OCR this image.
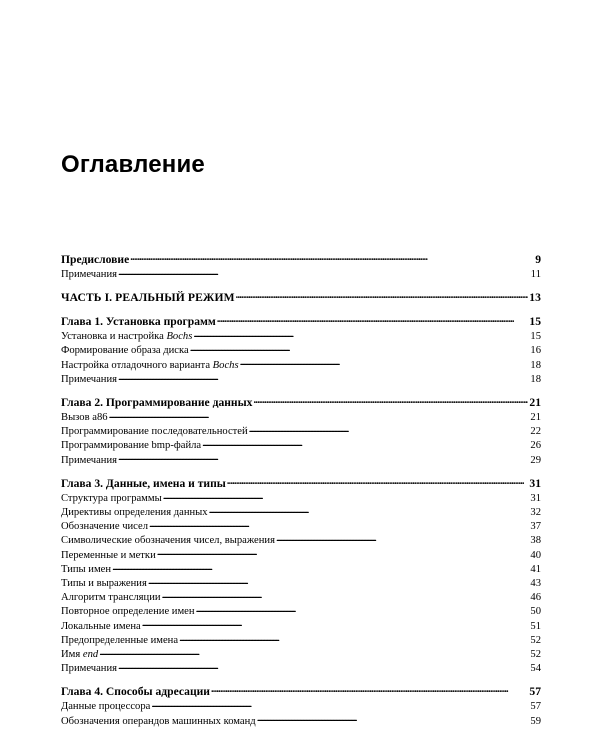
Оглавление
Предисловие . . .	9
Примечания . . .	11
ЧАСТЬ I. РЕАЛЬНЫЙ РЕЖИМ . . .	13
Глава 1. Установка программ . . .	15
Установка и настройка Bochs . . .	15
Формирование образа диска . . .	16
Настройка отладочного варианта Bochs . . .	18
Примечания . . .	18
Глава 2. Программирование данных . . .	21
Вызов a86 . . .	21
Программирование последовательностей . . .	22
Программирование bmp-файла . . .	26
Примечания . . .	29
Глава 3. Данные, имена и типы . . .	31
Структура программы . . .	31
Директивы определения данных . . .	32
Обозначение чисел . . .	37
Символические обозначения чисел, выражения . . .	38
Переменные и метки . . .	40
Типы имен . . .	41
Типы и выражения . . .	43
Алгоритм трансляции . . .	46
Повторное определение имен . . .	50
Локальные имена . . .	51
Предопределенные имена . . .	52
Имя end . . .	52
Примечания . . .	54
Глава 4. Способы адресации . . .	57
Данные процессора . . .	57
Обозначения операндов машинных команд . . .	59
